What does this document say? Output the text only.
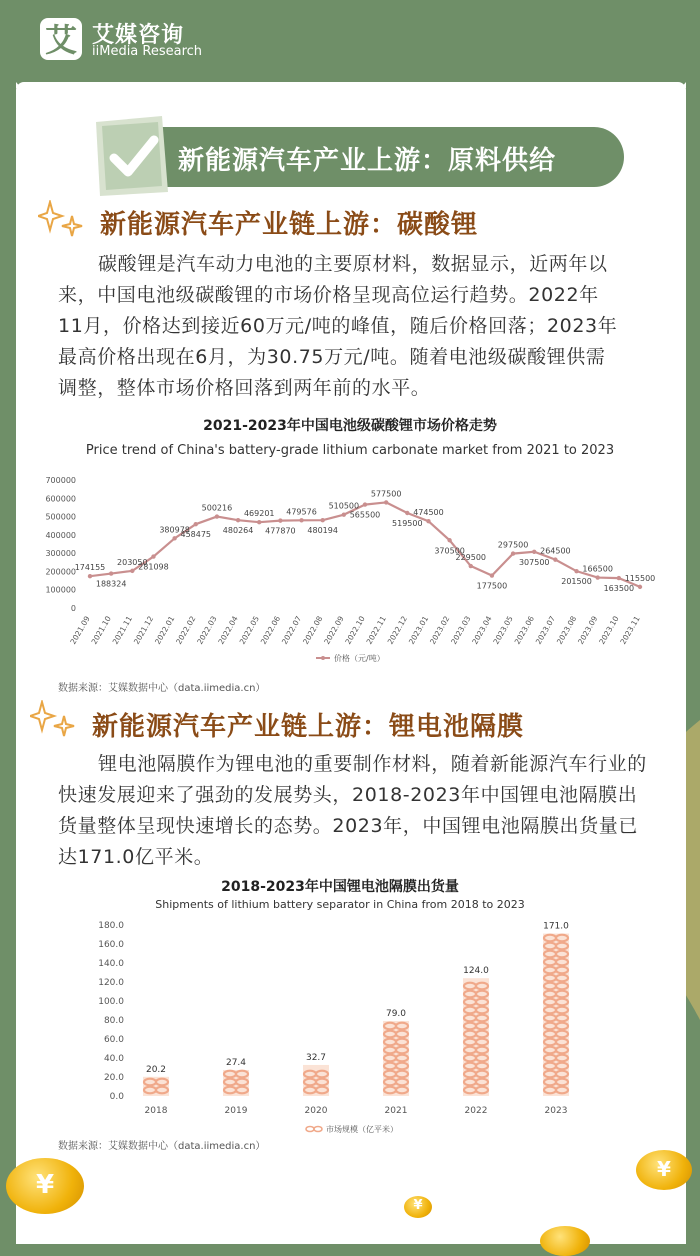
艾 艾媒咨询
iiMedia Research
新能源汽车产业上游：原料供给
新能源汽车产业链上游：碳酸锂
碳酸锂是汽车动力电池的主要原材料，数据显示，近两年以
来，中国电池级碳酸锂的市场价格呈现高位运行趋势。2022年
11月，价格达到接近60万元/吨的峰值，随后价格回落；2023年
最高价格出现在6月，为30.75万元/吨。随着电池级碳酸锂供需
调整，整体市场价格回落到两年前的水平。
2021-2023年中国电池级碳酸锂市场价格走势
Price trend of China's battery-grade lithium carbonate market from 2021 to 2023
0
100000
200000
300000
400000
500000
600000
700000
174155
188324
203050
281098
380978
458475
500216
480264
469201
477870
479576
480194
510500
565500
577500
519500
474500
370500
229500
177500
297500
307500
264500
201500
166500
163500
115500
2021.09
2021.10
2021.11
2021.12
2022.01
2022.02
2022.03
2022.04
2022.05
2022.06
2022.07
2022.08
2022.09
2022.10
2022.11
2022.12
2023.01
2023.02
2023.03
2023.04
2023.05
2023.06
2023.07
2023.08
2023.09
2023.10
2023.11
价格（元/吨）
数据来源：艾媒数据中心（data.iimedia.cn）
新能源汽车产业链上游：锂电池隔膜
锂电池隔膜作为锂电池的重要制作材料，随着新能源汽车行业的
快速发展迎来了强劲的发展势头，2018-2023年中国锂电池隔膜出
货量整体呈现快速增长的态势。2023年，中国锂电池隔膜出货量已
达171.0亿平米。
2018-2023年中国锂电池隔膜出货量
Shipments of lithium battery separator in China from 2018 to 2023
0.0
20.0
40.0
60.0
80.0
100.0
120.0
140.0
160.0
180.0
20.2
2018
27.4
2019
32.7
2020
79.0
2021
124.0
2022
171.0
2023
市场规模（亿平米）
数据来源：艾媒数据中心（data.iimedia.cn）
¥
¥
¥
